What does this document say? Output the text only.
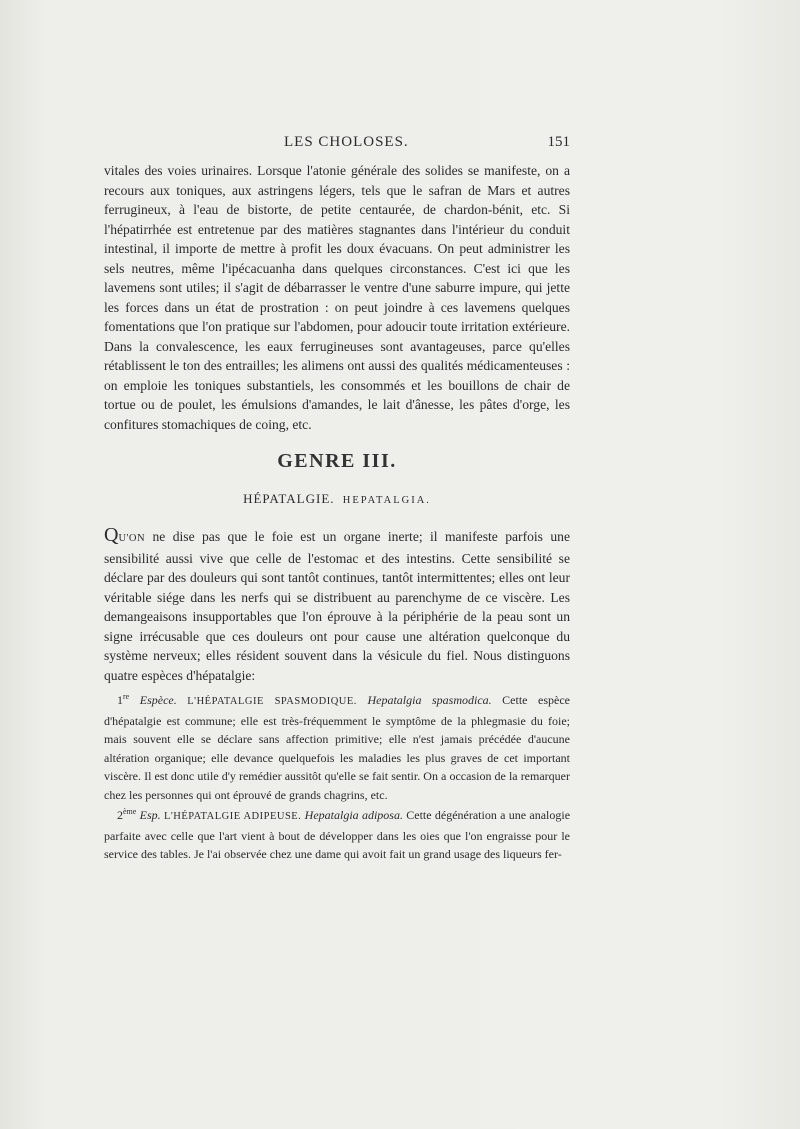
LES CHOLOSES.	151

vitales des voies urinaires. Lorsque l'atonie générale des solides se manifeste, on a recours aux toniques, aux astringens légers, tels que le safran de Mars et autres ferrugineux, à l'eau de bistorte, de petite centaurée, de chardon-bénit, etc. Si l'hépatirrhée est entretenue par des matières stagnantes dans l'intérieur du conduit intestinal, il importe de mettre à profit les doux évacuans. On peut administrer les sels neutres, même l'ipécacuanha dans quelques circonstances. C'est ici que les lavemens sont utiles; il s'agit de débarrasser le ventre d'une saburre impure, qui jette les forces dans un état de prostration : on peut joindre à ces lavemens quelques fomentations que l'on pratique sur l'abdomen, pour adoucir toute irritation extérieure. Dans la convalescence, les eaux ferrugineuses sont avantageuses, parce qu'elles rétablissent le ton des entrailles; les alimens ont aussi des qualités médicamenteuses : on emploie les toniques substantiels, les consommés et les bouillons de chair de tortue ou de poulet, les émulsions d'amandes, le lait d'ânesse, les pâtes d'orge, les confitures stomachiques de coing, etc.

GENRE III.
HÉPATALGIE. HEPATALGIA.

QU'ON ne dise pas que le foie est un organe inerte; il manifeste parfois une sensibilité aussi vive que celle de l'estomac et des intestins. Cette sensibilité se déclare par des douleurs qui sont tantôt continues, tantôt intermittentes; elles ont leur véritable siége dans les nerfs qui se distribuent au parenchyme de ce viscère. Les demangeaisons insupportables que l'on éprouve à la périphérie de la peau sont un signe irrécusable que ces douleurs ont pour cause une altération quelconque du système nerveux; elles résident souvent dans la vésicule du fiel. Nous distinguons quatre espèces d'hépatalgie:

1re Espèce. L'HÉPATALGIE SPASMODIQUE. Hepatalgia spasmodica. Cette espèce d'hépatalgie est commune; elle est très-fréquemment le symptôme de la phlegmasie du foie; mais souvent elle se déclare sans affection primitive; elle n'est jamais précédée d'aucune altération organique; elle devance quelquefois les maladies les plus graves de cet important viscère. Il est donc utile d'y remédier aussitôt qu'elle se fait sentir. On a occasion de la remarquer chez les personnes qui ont éprouvé de grands chagrins, etc.

2ème Esp. L'HÉPATALGIE ADIPEUSE. Hepatalgia adiposa. Cette dégénération a une analogie parfaite avec celle que l'art vient à bout de développer dans les oies que l'on engraisse pour le service des tables. Je l'ai observée chez une dame qui avoit fait un grand usage des liqueurs fer-
